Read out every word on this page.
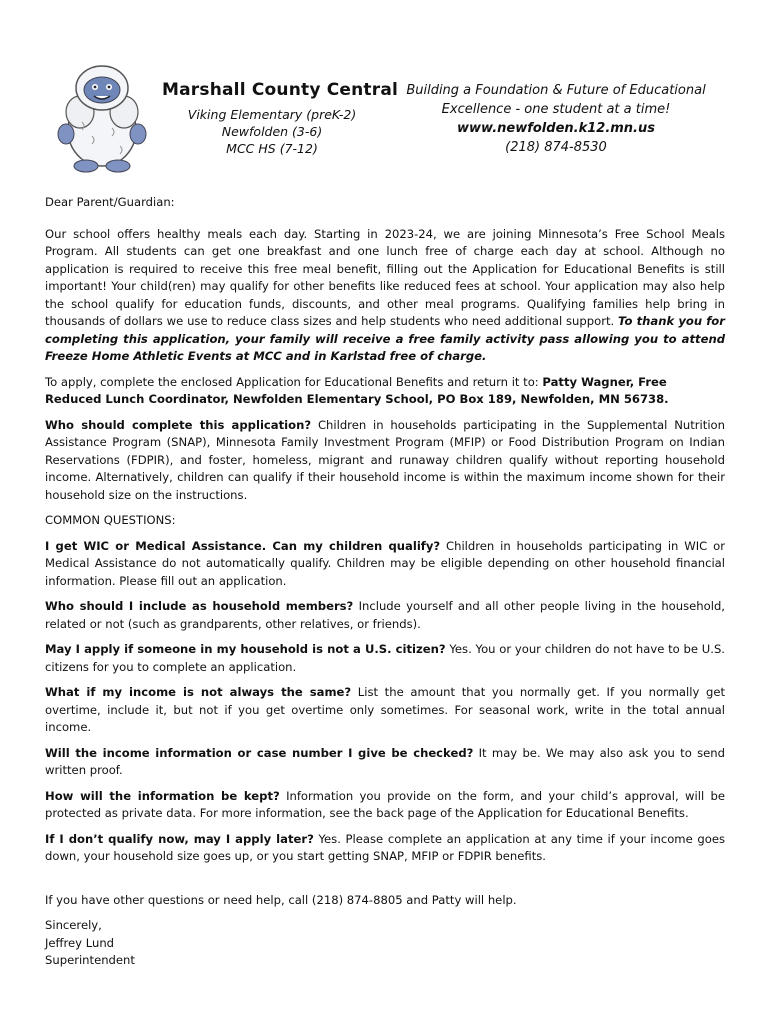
Marshall County Central
Viking Elementary (preK-2)
Newfolden (3-6)
MCC HS (7-12)
Building a Foundation & Future of Educational
Excellence - one student at a time!
www.newfolden.k12.mn.us
(218) 874-8530

Dear Parent/Guardian:

Our school offers healthy meals each day. Starting in 2023-24, we are joining Minnesota’s Free School Meals Program. All students can get one breakfast and one lunch free of charge each day at school. Although no application is required to receive this free meal benefit, filling out the Application for Educational Benefits is still important! Your child(ren) may qualify for other benefits like reduced fees at school. Your application may also help the school qualify for education funds, discounts, and other meal programs. Qualifying families help bring in thousands of dollars we use to reduce class sizes and help students who need additional support. To thank you for completing this application, your family will receive a free family activity pass allowing you to attend Freeze Home Athletic Events at MCC and in Karlstad free of charge.

To apply, complete the enclosed Application for Educational Benefits and return it to: Patty Wagner, Free Reduced Lunch Coordinator, Newfolden Elementary School, PO Box 189, Newfolden, MN 56738.

Who should complete this application? Children in households participating in the Supplemental Nutrition Assistance Program (SNAP), Minnesota Family Investment Program (MFIP) or Food Distribution Program on Indian Reservations (FDPIR), and foster, homeless, migrant and runaway children qualify without reporting household income. Alternatively, children can qualify if their household income is within the maximum income shown for their household size on the instructions.

COMMON QUESTIONS:

I get WIC or Medical Assistance. Can my children qualify? Children in households participating in WIC or Medical Assistance do not automatically qualify. Children may be eligible depending on other household financial information. Please fill out an application.

Who should I include as household members? Include yourself and all other people living in the household, related or not (such as grandparents, other relatives, or friends).

May I apply if someone in my household is not a U.S. citizen? Yes. You or your children do not have to be U.S. citizens for you to complete an application.

What if my income is not always the same? List the amount that you normally get. If you normally get overtime, include it, but not if you get overtime only sometimes. For seasonal work, write in the total annual income.

Will the income information or case number I give be checked? It may be. We may also ask you to send written proof.

How will the information be kept? Information you provide on the form, and your child’s approval, will be protected as private data. For more information, see the back page of the Application for Educational Benefits.

If I don’t qualify now, may I apply later? Yes. Please complete an application at any time if your income goes down, your household size goes up, or you start getting SNAP, MFIP or FDPIR benefits.

If you have other questions or need help, call (218) 874-8805 and Patty will help.

Sincerely,
Jeffrey Lund
Superintendent
